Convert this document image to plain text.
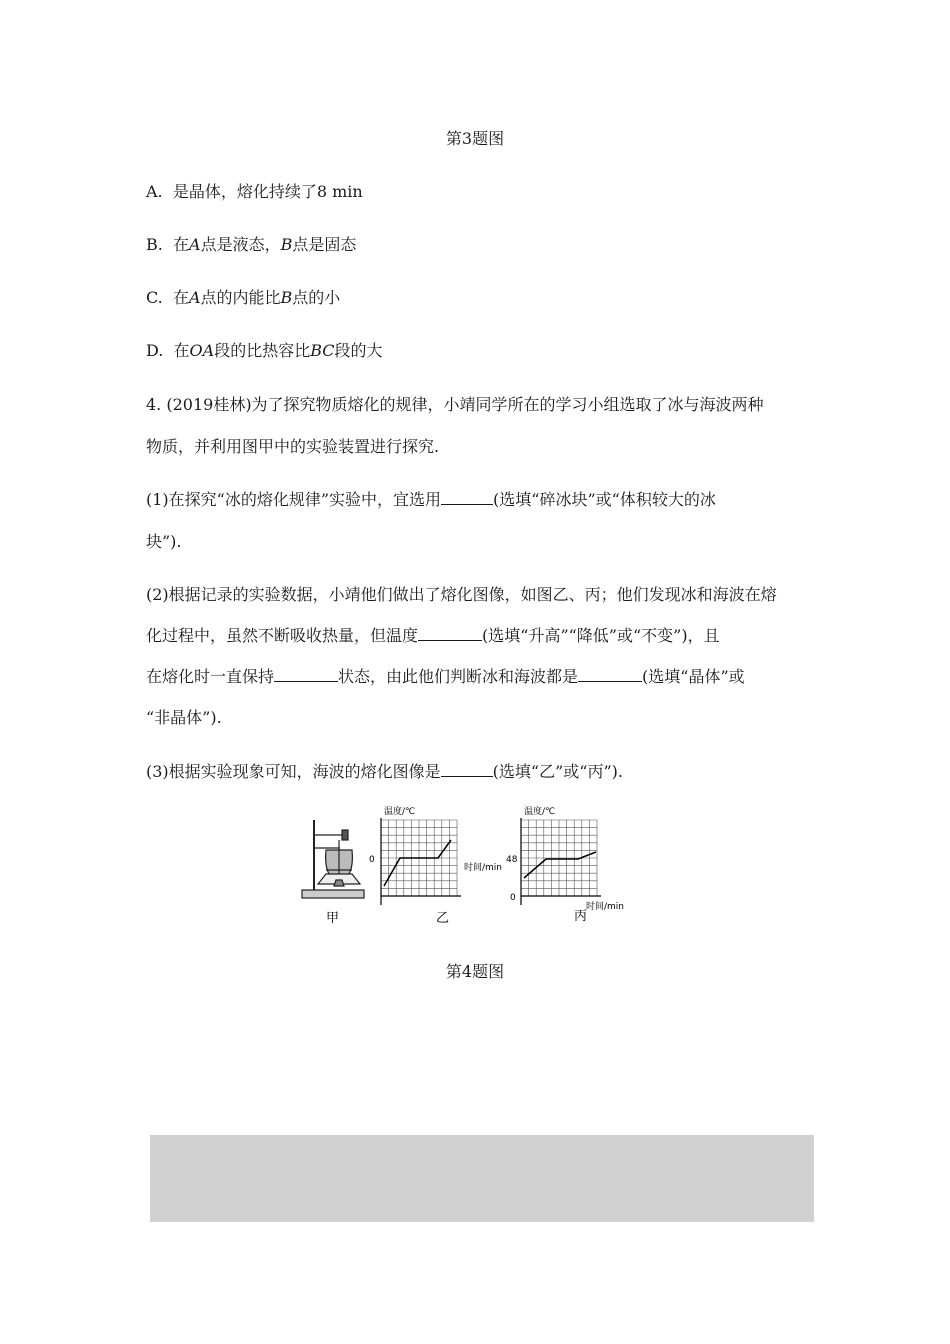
第3题图
A. 是晶体，熔化持续了8 min
B. 在A点是液态，B点是固态
C. 在A点的内能比B点的小
D. 在OA段的比热容比BC段的大
4. (2019桂林)为了探究物质熔化的规律，小靖同学所在的学习小组选取了冰与海波两种
物质，并利用图甲中的实验装置进行探究.
(1)在探究“冰的熔化规律”实验中，宜选用	(选填“碎冰块”或“体积较大的冰
块”).
(2)根据记录的实验数据，小靖他们做出了熔化图像，如图乙、丙；他们发现冰和海波在熔
化过程中，虽然不断吸收热量，但温度	(选填“升高”“降低”或“不变”)，且
在熔化时一直保持	状态，由此他们判断冰和海波都是	(选填“晶体”或
“非晶体”).
(3)根据实验现象可知，海波的熔化图像是	(选填“乙”或“丙”).
甲
温度/℃
0
时间/min
乙
温度/℃
48
0
时间/min
丙
第4题图
